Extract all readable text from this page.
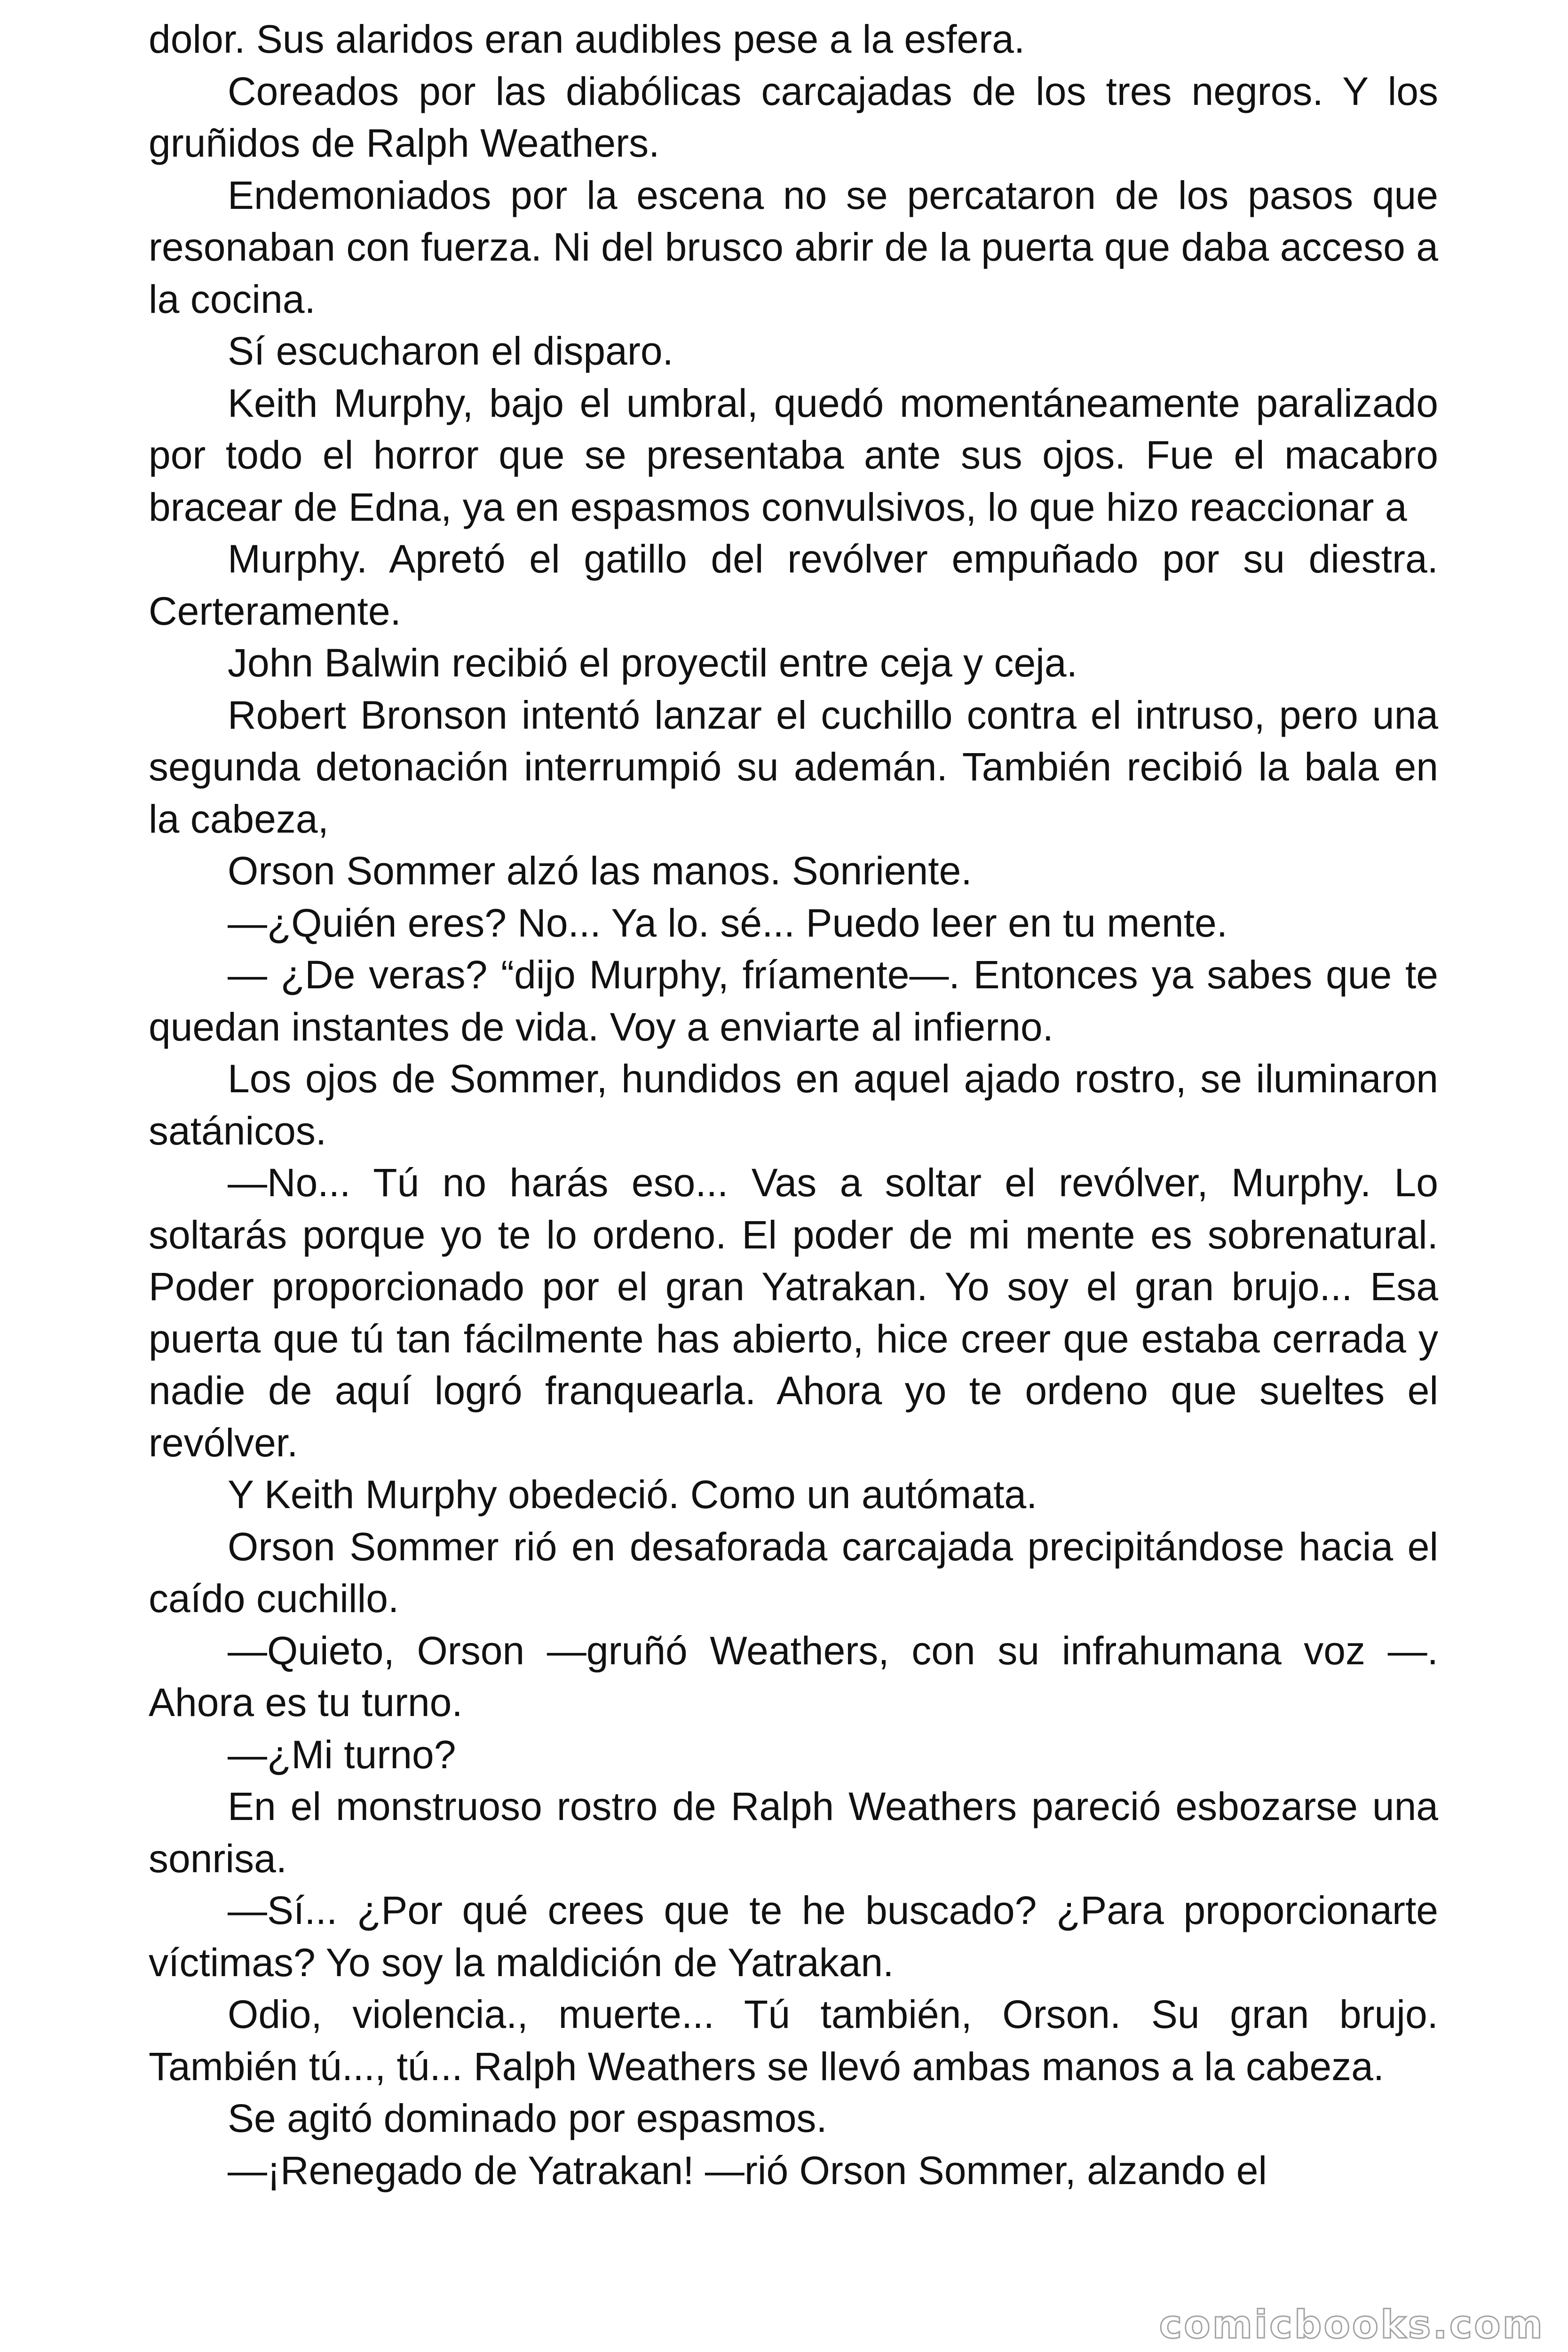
dolor. Sus alaridos eran audibles pese a la esfera.

Coreados por las diabólicas carcajadas de los tres negros. Y los gruñidos de Ralph Weathers.

Endemoniados por la escena no se percataron de los pasos que resonaban con fuerza. Ni del brusco abrir de la puerta que daba acceso a la cocina.

Sí escucharon el disparo.

Keith Murphy, bajo el umbral, quedó momentáneamente paralizado por todo el horror que se presentaba ante sus ojos. Fue el macabro bracear de Edna, ya en espasmos convulsivos, lo que hizo reaccionar a

Murphy. Apretó el gatillo del revólver empuñado por su diestra. Certeramente.

John Balwin recibió el proyectil entre ceja y ceja.

Robert Bronson intentó lanzar el cuchillo contra el intruso, pero una segunda detonación interrumpió su ademán. También recibió la bala en la cabeza,

Orson Sommer alzó las manos. Sonriente.

—¿Quién eres? No... Ya lo. sé... Puedo leer en tu mente.

— ¿De veras? “dijo Murphy, fríamente—. Entonces ya sabes que te quedan instantes de vida. Voy a enviarte al infierno.

Los ojos de Sommer, hundidos en aquel ajado rostro, se iluminaron satánicos.

—No... Tú no harás eso... Vas a soltar el revólver, Murphy. Lo soltarás porque yo te lo ordeno. El poder de mi mente es sobrenatural. Poder proporcionado por el gran Yatrakan. Yo soy el gran brujo... Esa puerta que tú tan fácilmente has abierto, hice creer que estaba cerrada y nadie de aquí logró franquearla. Ahora yo te ordeno que sueltes el revólver.

Y Keith Murphy obedeció. Como un autómata.

Orson Sommer rió en desaforada carcajada precipitándose hacia el caído cuchillo.

—Quieto, Orson —gruñó Weathers, con su infrahumana voz —. Ahora es tu turno.

—¿Mi turno?

En el monstruoso rostro de Ralph Weathers pareció esbozarse una sonrisa.

—Sí... ¿Por qué crees que te he buscado? ¿Para proporcionarte víctimas? Yo soy la maldición de Yatrakan.

Odio, violencia., muerte... Tú también, Orson. Su gran brujo. También tú..., tú... Ralph Weathers se llevó ambas manos a la cabeza.

Se agitó dominado por espasmos.

—¡Renegado de Yatrakan! —rió Orson Sommer, alzando el

comicbooks.com
